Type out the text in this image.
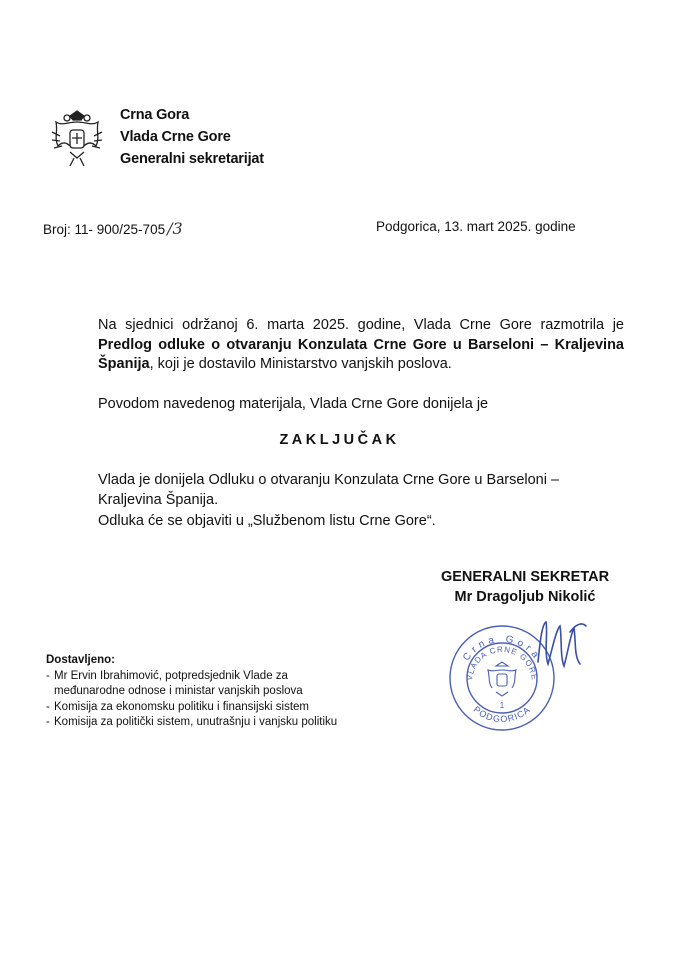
Crna Gora
Vlada Crne Gore
Generalni sekretarijat
Broj: 11- 900/25-705 /3	Podgorica, 13. mart 2025. godine
Na sjednici održanoj 6. marta 2025. godine, Vlada Crne Gore razmotrila je Predlog odluke o otvaranju Konzulata Crne Gore u Barseloni – Kraljevina Španija, koji je dostavilo Ministarstvo vanjskih poslova.
Povodom navedenog materijala, Vlada Crne Gore donijela je
ZAKLJUČAK
Vlada je donijela Odluku o otvaranju Konzulata Crne Gore u Barseloni – Kraljevina Španija.
Odluka će se objaviti u „Službenom listu Crne Gore“.
GENERALNI SEKRETAR
Mr Dragoljub Nikolić
Crna Gora
VLADA CRNE GORE
1
PODGORICA
Dostavljeno:
- Mr Ervin Ibrahimović, potpredsjednik Vlade za
međunarodne odnose i ministar vanjskih poslova
- Komisija za ekonomsku politiku i finansijski sistem
- Komisija za politički sistem, unutrašnju i vanjsku politiku
